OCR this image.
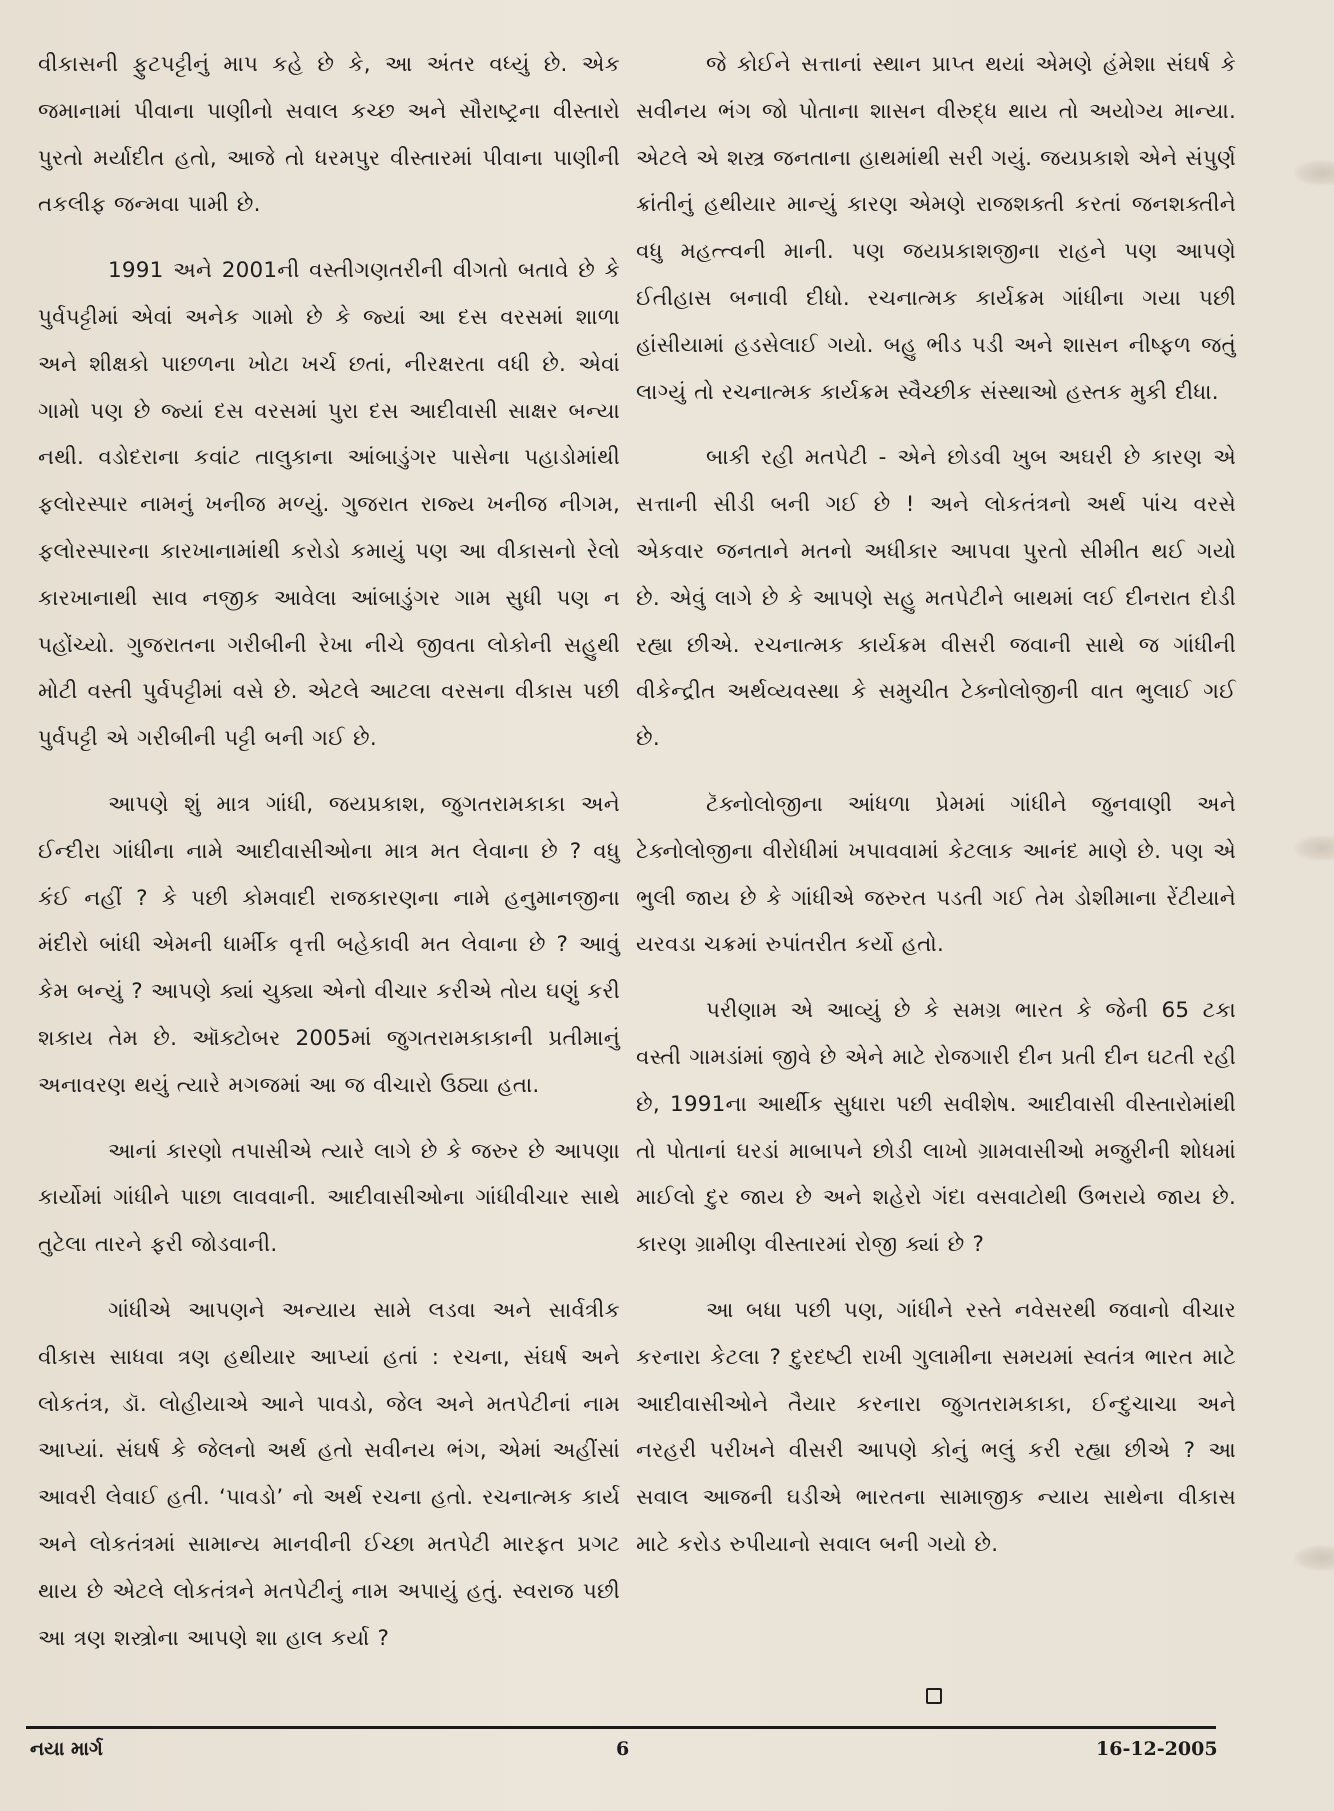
વીકાસની ફુટપટ્ટીનું માપ કહે છે કે, આ અંતર વધ્યું છે. એક જમાનામાં પીવાના પાણીનો સવાલ કચ્છ અને સૌરાષ્ટ્રના વીસ્તારો પુરતો મર્યાદીત હતો, આજે તો ધરમપુર વીસ્તારમાં પીવાના પાણીની તકલીફ જન્મવા પામી છે.

1991 અને 2001ની વસ્તીગણતરીની વીગતો બતાવે છે કે પુર્વપટ્ટીમાં એવાં અનેક ગામો છે કે જ્યાં આ દસ વરસમાં શાળા અને શીક્ષકો પાછળના ખોટા ખર્ચ છતાં, નીરક્ષરતા વધી છે. એવાં ગામો પણ છે જ્યાં દસ વરસમાં પુરા દસ આદીવાસી સાક્ષર બન્યા નથી. વડોદરાના કવાંટ તાલુકાના આંબાડુંગર પાસેના પહાડોમાંથી ફલોરસ્પાર નામનું ખનીજ મળ્યું. ગુજરાત રાજ્ય ખનીજ નીગમ, ફલોરસ્પારના કારખાનામાંથી કરોડો કમાયું પણ આ વીકાસનો રેલો કારખાનાથી સાવ નજીક આવેલા આંબાડુંગર ગામ સુધી પણ ન પહોંચ્યો. ગુજરાતના ગરીબીની રેખા નીચે જીવતા લોકોની સહુથી મોટી વસ્તી પુર્વપટ્ટીમાં વસે છે. એટલે આટલા વરસના વીકાસ પછી પુર્વપટ્ટી એ ગરીબીની પટ્ટી બની ગઈ છે.

આપણે શું માત્ર ગાંધી, જયપ્રકાશ, જુગતરામકાકા અને ઈન્દીરા ગાંધીના નામે આદીવાસીઓના માત્ર મત લેવાના છે ? વધુ કંઈ નહીં ? કે પછી કોમવાદી રાજકારણના નામે હનુમાનજીના મંદીરો બાંધી એમની ધાર્મીક વૃત્તી બહેકાવી મત લેવાના છે ? આવું કેમ બન્યું ? આપણે ક્યાં ચુક્યા એનો વીચાર કરીએ તોય ઘણું કરી શકાય તેમ છે. ઑક્ટોબર 2005માં જુગતરામકાકાની પ્રતીમાનું અનાવરણ થયું ત્યારે મગજમાં આ જ વીચારો ઉઠ્યા હતા.

આનાં કારણો તપાસીએ ત્યારે લાગે છે કે જરુર છે આપણા કાર્યોમાં ગાંધીને પાછા લાવવાની. આદીવાસીઓના ગાંધીવીચાર સાથે તુટેલા તારને ફરી જોડવાની.

ગાંધીએ આપણને અન્યાય સામે લડવા અને સાર્વત્રીક વીકાસ સાધવા ત્રણ હથીયાર આપ્યાં હતાં : રચના, સંઘર્ષ અને લોકતંત્ર, ડૉ. લોહીયાએ આને પાવડો, જેલ અને મતપેટીનાં નામ આપ્યાં. સંઘર્ષ કે જેલનો અર્થ હતો સવીનય ભંગ, એમાં અહીંસાં આવરી લેવાઈ હતી. ‘પાવડો’ નો અર્થ રચના હતો. રચનાત્મક કાર્ય અને લોકતંત્રમાં સામાન્ય માનવીની ઈચ્છા મતપેટી મારફત પ્રગટ થાય છે એટલે લોકતંત્રને મતપેટીનું નામ અપાયું હતું. સ્વરાજ પછી આ ત્રણ શસ્ત્રોના આપણે શા હાલ કર્યા ?

જે કોઈને સત્તાનાં સ્થાન પ્રાપ્ત થયાં એમણે હંમેશા સંઘર્ષ કે સવીનય ભંગ જો પોતાના શાસન વીરુદ્ધ થાય તો અયોગ્ય માન્યા. એટલે એ શસ્ત્ર જનતાના હાથમાંથી સરી ગયું. જયપ્રકાશે એને સંપુર્ણ ક્રાંતીનું હથીયાર માન્યું કારણ એમણે રાજશક્તી કરતાં જનશક્તીને વધુ મહત્ત્વની માની. પણ જયપ્રકાશજીના રાહને પણ આપણે ઈતીહાસ બનાવી દીધો. રચનાત્મક કાર્યક્રમ ગાંધીના ગયા પછી હાંસીયામાં હડસેલાઈ ગયો. બહુ ભીડ પડી અને શાસન નીષ્ફળ જતું લાગ્યું તો રચનાત્મક કાર્યક્રમ સ્વૈચ્છીક સંસ્થાઓ હસ્તક મુકી દીધા.

બાકી રહી મતપેટી - એને છોડવી ખુબ અઘરી છે કારણ એ સત્તાની સીડી બની ગઈ છે ! અને લોકતંત્રનો અર્થ પાંચ વરસે એકવાર જનતાને મતનો અધીકાર આપવા પુરતો સીમીત થઈ ગયો છે. એવું લાગે છે કે આપણે સહુ મતપેટીને બાથમાં લઈ દીનરાત દોડી રહ્યા છીએ. રચનાત્મક કાર્યક્રમ વીસરી જવાની સાથે જ ગાંધીની વીકેન્દ્રીત અર્થવ્યવસ્થા કે સમુચીત ટેક્નોલોજીની વાત ભુલાઈ ગઈ છે.

ટૅક્નોલોજીના આંધળા પ્રેમમાં ગાંધીને જુનવાણી અને ટેક્નોલોજીના વીરોધીમાં ખપાવવામાં કેટલાક આનંદ માણે છે. પણ એ ભુલી જાય છે કે ગાંધીએ જરુરત પડતી ગઈ તેમ ડોશીમાના રેંટીયાને યરવડા ચક્રમાં રુપાંતરીત કર્યો હતો.

પરીણામ એ આવ્યું છે કે સમગ્ર ભારત કે જેની 65 ટકા વસ્તી ગામડાંમાં જીવે છે એને માટે રોજગારી દીન પ્રતી દીન ઘટતી રહી છે, 1991ના આર્થીક સુધારા પછી સવીશેષ. આદીવાસી વીસ્તારોમાંથી તો પોતાનાં ઘરડાં માબાપને છોડી લાખો ગ્રામવાસીઓ મજુરીની શોધમાં માઈલો દુર જાય છે અને શહેરો ગંદા વસવાટોથી ઉભરાયે જાય છે. કારણ ગ્રામીણ વીસ્તારમાં રોજી ક્યાં છે ?

આ બધા પછી પણ, ગાંધીને રસ્તે નવેસરથી જવાનો વીચાર કરનારા કેટલા ? દુરદષ્ટી રાખી ગુલામીના સમયમાં સ્વતંત્ર ભારત માટે આદીવાસીઓને તૈયાર કરનારા જુગતરામકાકા, ઈન્દુચાચા અને નરહરી પરીખને વીસરી આપણે કોનું ભલું કરી રહ્યા છીએ ? આ સવાલ આજની ઘડીએ ભારતના સામાજીક ન્યાય સાથેના વીકાસ માટે કરોડ રુપીયાનો સવાલ બની ગયો છે.

નયા માર્ગ	6	16-12-2005
